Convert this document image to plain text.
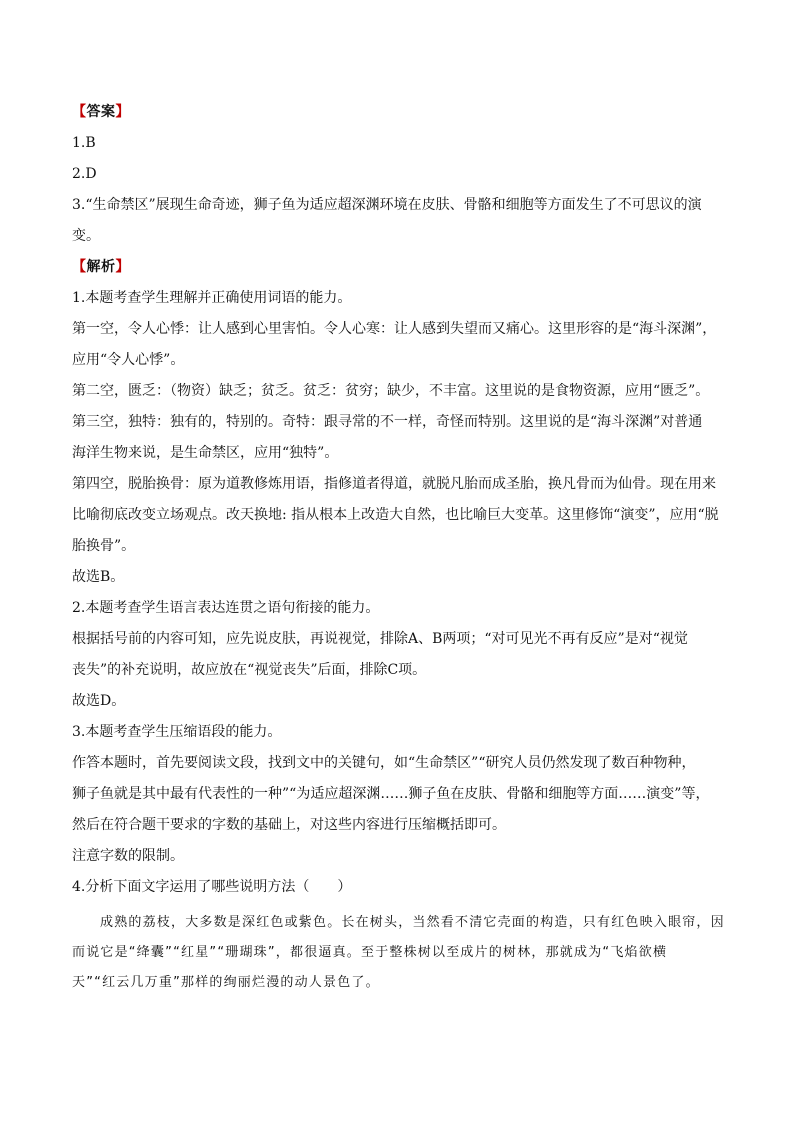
【答案】
1.B
2.D
3.“生命禁区”展现生命奇迹，狮子鱼为适应超深渊环境在皮肤、骨骼和细胞等方面发生了不可思议的演
变。
【解析】
1.本题考查学生理解并正确使用词语的能力。
第一空，令人心悸：让人感到心里害怕。令人心寒：让人感到失望而又痛心。这里形容的是“海斗深渊”，
应用“令人心悸”。
第二空，匮乏：（物资）缺乏；贫乏。贫乏：贫穷；缺少，不丰富。这里说的是食物资源，应用“匮乏”。
第三空，独特：独有的，特别的。奇特：跟寻常的不一样，奇怪而特别。这里说的是“海斗深渊”对普通
海洋生物来说，是生命禁区，应用“独特”。
第四空，脱胎换骨：原为道教修炼用语，指修道者得道，就脱凡胎而成圣胎，换凡骨而为仙骨。现在用来
比喻彻底改变立场观点。改天换地: 指从根本上改造大自然，也比喻巨大变革。这里修饰“演变”，应用“脱
胎换骨”。
故选B。
2.本题考查学生语言表达连贯之语句衔接的能力。
根据括号前的内容可知，应先说皮肤，再说视觉，排除A、B两项；“对可见光不再有反应”是对“视觉
丧失”的补充说明，故应放在“视觉丧失”后面，排除C项。
故选D。
3.本题考查学生压缩语段的能力。
作答本题时，首先要阅读文段，找到文中的关键句，如“生命禁区”“研究人员仍然发现了数百种物种，
狮子鱼就是其中最有代表性的一种”“为适应超深渊……狮子鱼在皮肤、骨骼和细胞等方面……演变”等，
然后在符合题干要求的字数的基础上，对这些内容进行压缩概括即可。
注意字数的限制。
4.分析下面文字运用了哪些说明方法（　　）
成熟的荔枝，大多数是深红色或紫色。长在树头，当然看不清它壳面的构造，只有红色映入眼帘，因
而说它是“绛囊”“红星”“珊瑚珠”，都很逼真。至于整株树以至成片的树林，那就成为“飞焰欲横
天”“红云几万重”那样的绚丽烂漫的动人景色了。
